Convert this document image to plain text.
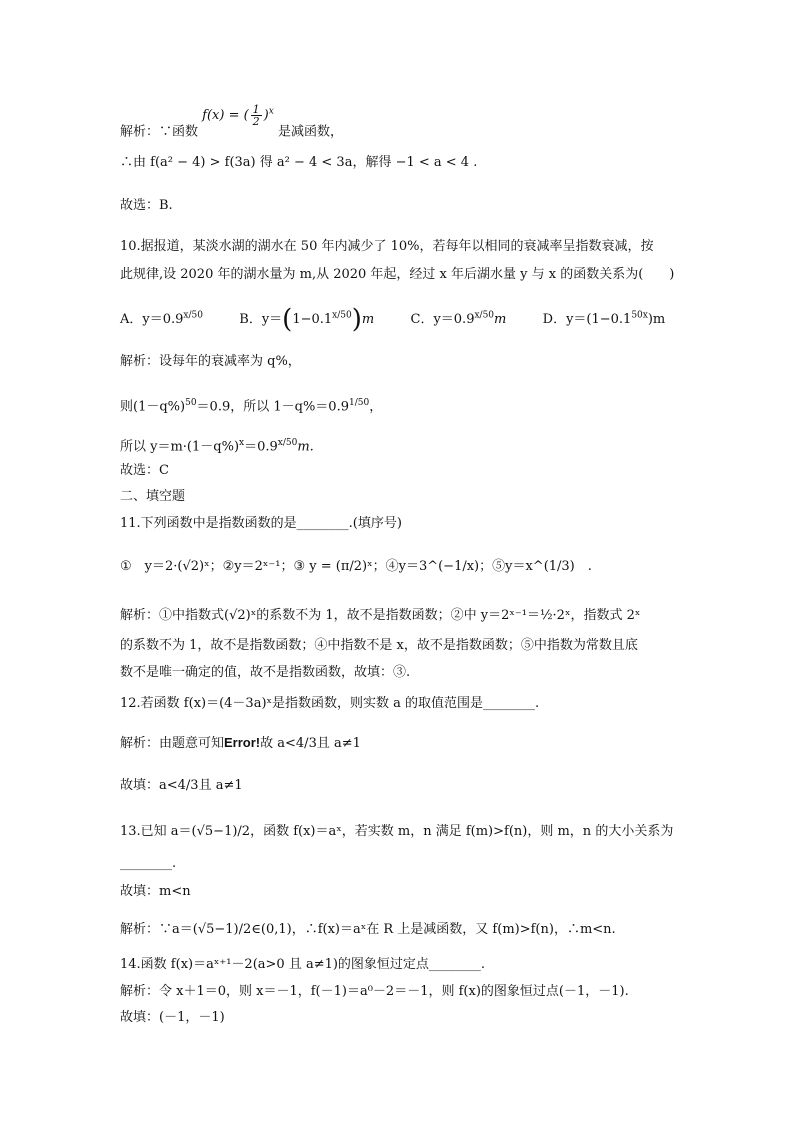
解析：∵函数 f(x) = ( $\frac{1}{2} )^x$ 是减函数，
∴由 f(a² − 4) > f(3a) 得 a² − 4 < 3a，解得 −1 < a < 4 .
故选：B.
10.据报道，某淡水湖的湖水在 50 年内减少了 10%，若每年以相同的衰减率呈指数衰减，按
此规律,设 2020 年的湖水量为 m,从 2020 年起，经过 x 年后湖水量 y 与 x 的函数关系为(　　)
A．$y=0.9^{x/50}$	B．$y=(1-0.1^{x/50})m$	C．$y=0.9^{x/50}m$	D．$y=(1-0.1^{50x})m$
解析：设每年的衰减率为 q%，
则$(1-q\%)^{50}=0.9$，所以 $1-q\%=0.9^{1/50}$，
所以 $y=m\cdot(1-q\%)^x=0.9^{x/50}m$.
故选：C
二、填空题
11.下列函数中是指数函数的是________.(填序号)
①　y＝2·(√2)ˣ；②y＝2ˣ⁻¹；③ y = (π/2)ˣ；④y＝3^(−1/x)；⑤y＝x^(1/3)　.
解析：①中指数式(√2)ˣ的系数不为 1，故不是指数函数；②中 y＝2ˣ⁻¹＝½·2ˣ，指数式 2ˣ
的系数不为 1，故不是指数函数；④中指数不是 x，故不是指数函数；⑤中指数为常数且底
数不是唯一确定的值，故不是指数函数，故填：③.
12.若函数 f(x)＝(4－3a)ˣ是指数函数，则实数 a 的取值范围是________.
解析：由题意可知Error!故 a<4/3且 a≠1
故填：a<4/3且 a≠1
13.已知 a＝(√5−1)/2，函数 f(x)＝aˣ，若实数 m，n 满足 f(m)>f(n)，则 m，n 的大小关系为
________.
故填：m<n
解析：∵a＝(√5−1)/2∈(0,1)，∴f(x)＝aˣ在 R 上是减函数，又 f(m)>f(n)，∴m<n.
14.函数 f(x)＝aˣ⁺¹－2(a>0 且 a≠1)的图象恒过定点________.
解析：令 x＋1＝0，则 x＝－1，f(－1)＝a⁰－2＝－1，则 f(x)的图象恒过点(－1，－1).
故填：(－1，－1)
